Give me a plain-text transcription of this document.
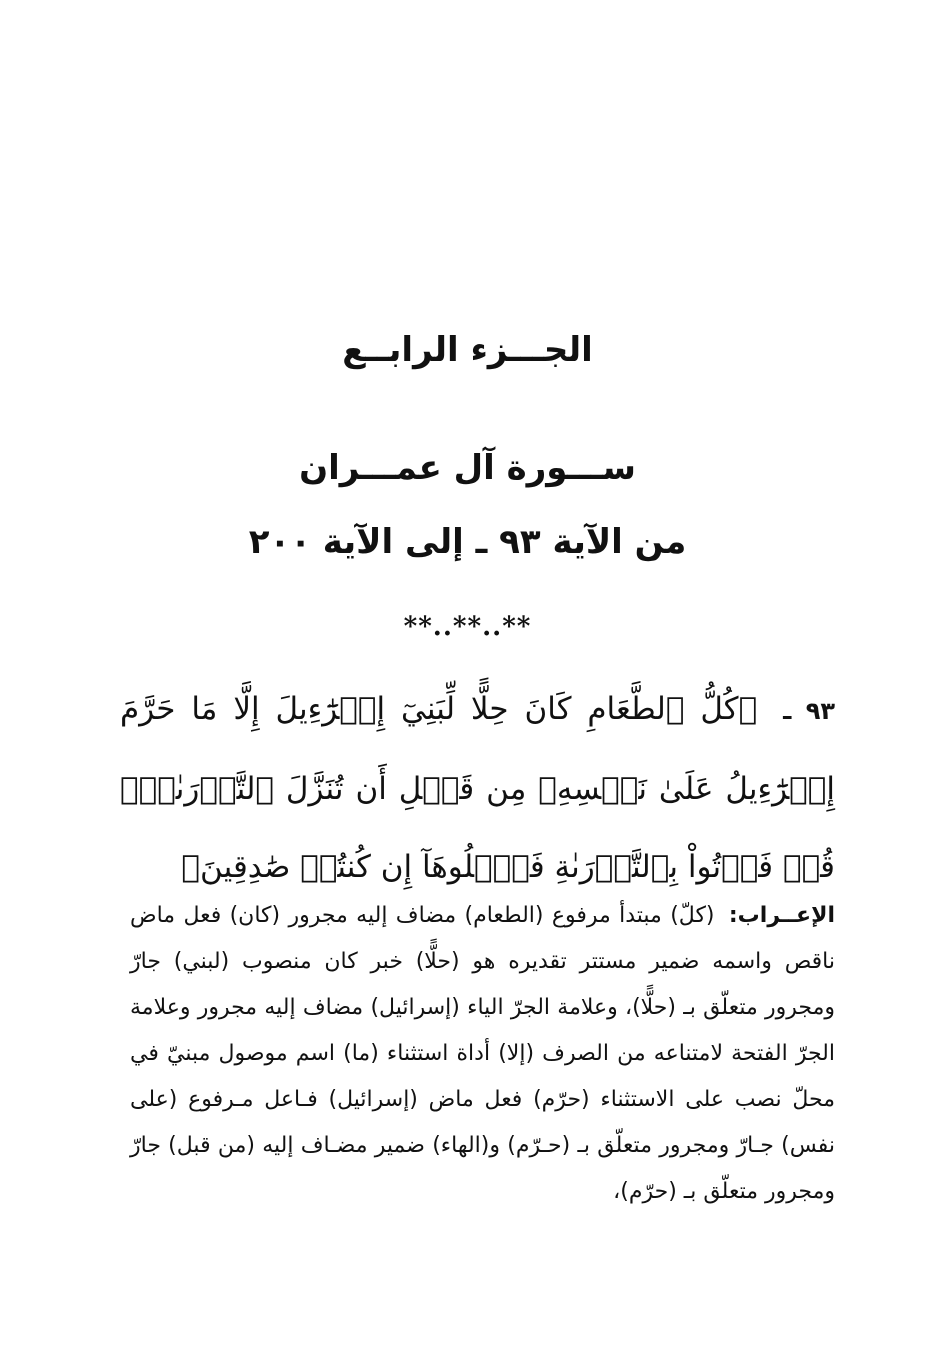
الجـــزء الرابــع
ســـورة آل عمـــران
من الآية ٩٣ ـ إلى الآية ٢٠٠
**..**..**
٩٣ ـ ﴿كُلُّ ٱلطَّعَامِ كَانَ حِلًّا لِّبَنِيٓ إِسۡرَٰٓءِيلَ إِلَّا مَا حَرَّمَ إِسۡرَٰٓءِيلُ عَلَىٰ نَفۡسِهِۦ مِن قَبۡلِ أَن تُنَزَّلَ ٱلتَّوۡرَىٰةُۚ قُلۡ فَأۡتُواْ بِٱلتَّوۡرَىٰةِ فَٱتۡلُوهَآ إِن كُنتُمۡ صَٰدِقِينَ﴾
الإعــراب: (كلّ) مبتدأ مرفوع (الطعام) مضاف إليه مجرور (كان) فعل ماض ناقص واسمه ضمير مستتر تقديره هو (حلًّا) خبر كان منصوب (لبني) جارّ ومجرور متعلّق بـ (حلًّا)، وعلامة الجرّ الياء (إسرائيل) مضاف إليه مجرور وعلامة الجرّ الفتحة لامتناعه من الصرف (إلا) أداة استثناء (ما) اسم موصول مبنيّ في محلّ نصب على الاستثناء (حرّم) فعل ماض (إسرائيل) فـاعل مـرفوع (على نفس) جـارّ ومجرور متعلّق بـ (حـرّم) و(الهاء) ضمير مضـاف إليه (من قبل) جارّ ومجرور متعلّق بـ (حرّم)،
